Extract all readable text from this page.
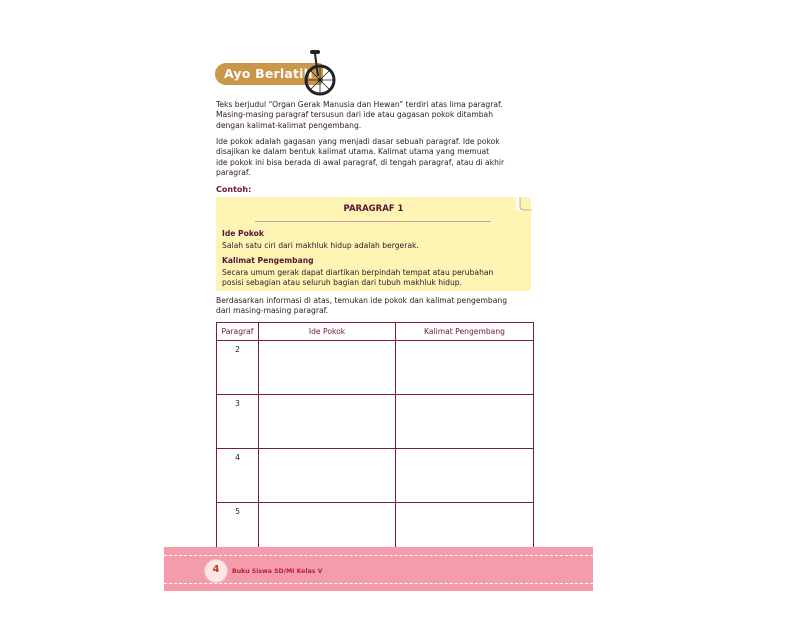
Ayo Berlatih
Teks berjudul “Organ Gerak Manusia dan Hewan” terdiri atas lima paragraf.
Masing-masing paragraf tersusun dari ide atau gagasan pokok ditambah
dengan kalimat-kalimat pengembang.
Ide pokok adalah gagasan yang menjadi dasar sebuah paragraf. Ide pokok
disajikan ke dalam bentuk kalimat utama. Kalimat utama yang memuat
ide pokok ini bisa berada di awal paragraf, di tengah paragraf, atau di akhir
paragraf.
Contoh:
PARAGRAF 1
Ide Pokok
Salah satu ciri dari makhluk hidup adalah bergerak.
Kalimat Pengembang
Secara umum gerak dapat diartikan berpindah tempat atau perubahan
posisi sebagian atau seluruh bagian dari tubuh makhluk hidup.
Berdasarkan informasi di atas, temukan ide pokok dan kalimat pengembang
dari masing-masing paragraf.
Paragraf	Ide Pokok	Kalimat Pengembang
2		
3		
4		
5		
4	Buku Siswa SD/MI Kelas V
